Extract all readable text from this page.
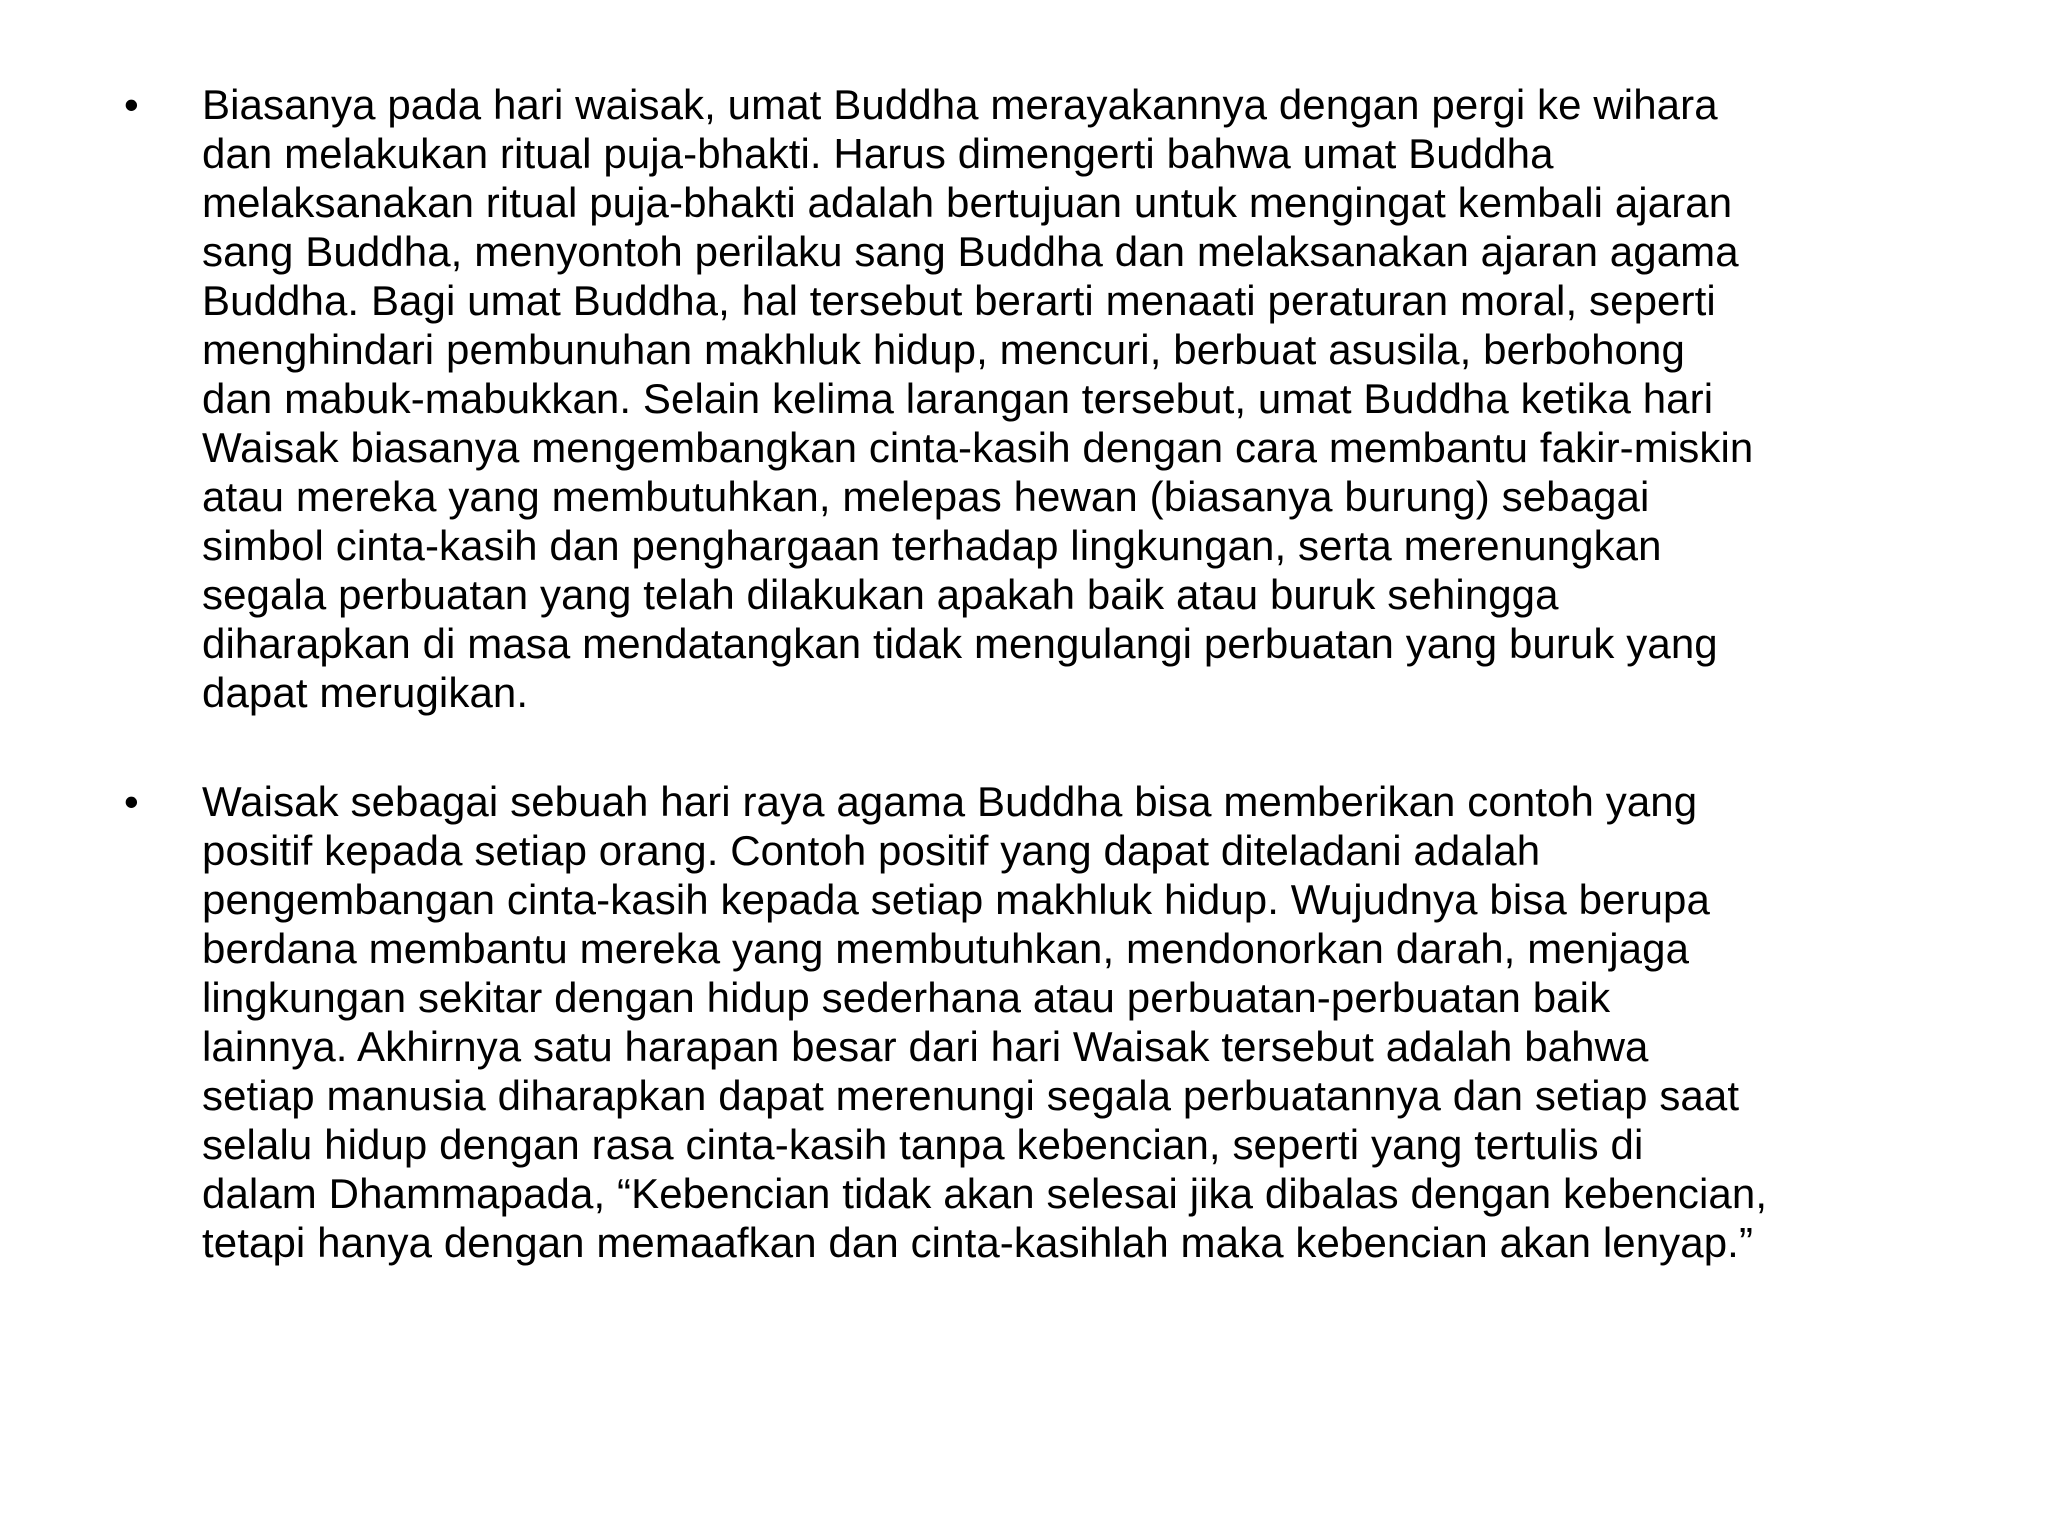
•	Biasanya pada hari waisak, umat Buddha merayakannya dengan pergi ke wihara
dan melakukan ritual puja-bhakti. Harus dimengerti bahwa umat Buddha
melaksanakan ritual puja-bhakti adalah bertujuan untuk mengingat kembali ajaran
sang Buddha, menyontoh perilaku sang Buddha dan melaksanakan ajaran agama
Buddha. Bagi umat Buddha, hal tersebut berarti menaati peraturan moral, seperti
menghindari pembunuhan makhluk hidup, mencuri, berbuat asusila, berbohong
dan mabuk-mabukkan. Selain kelima larangan tersebut, umat Buddha ketika hari
Waisak biasanya mengembangkan cinta-kasih dengan cara membantu fakir-miskin
atau mereka yang membutuhkan, melepas hewan (biasanya burung) sebagai
simbol cinta-kasih dan penghargaan terhadap lingkungan, serta merenungkan
segala perbuatan yang telah dilakukan apakah baik atau buruk sehingga
diharapkan di masa mendatangkan tidak mengulangi perbuatan yang buruk yang
dapat merugikan.
•	Waisak sebagai sebuah hari raya agama Buddha bisa memberikan contoh yang
positif kepada setiap orang. Contoh positif yang dapat diteladani adalah
pengembangan cinta-kasih kepada setiap makhluk hidup. Wujudnya bisa berupa
berdana membantu mereka yang membutuhkan, mendonorkan darah, menjaga
lingkungan sekitar dengan hidup sederhana atau perbuatan-perbuatan baik
lainnya. Akhirnya satu harapan besar dari hari Waisak tersebut adalah bahwa
setiap manusia diharapkan dapat merenungi segala perbuatannya dan setiap saat
selalu hidup dengan rasa cinta-kasih tanpa kebencian, seperti yang tertulis di
dalam Dhammapada, “Kebencian tidak akan selesai jika dibalas dengan kebencian,
tetapi hanya dengan memaafkan dan cinta-kasihlah maka kebencian akan lenyap.”
